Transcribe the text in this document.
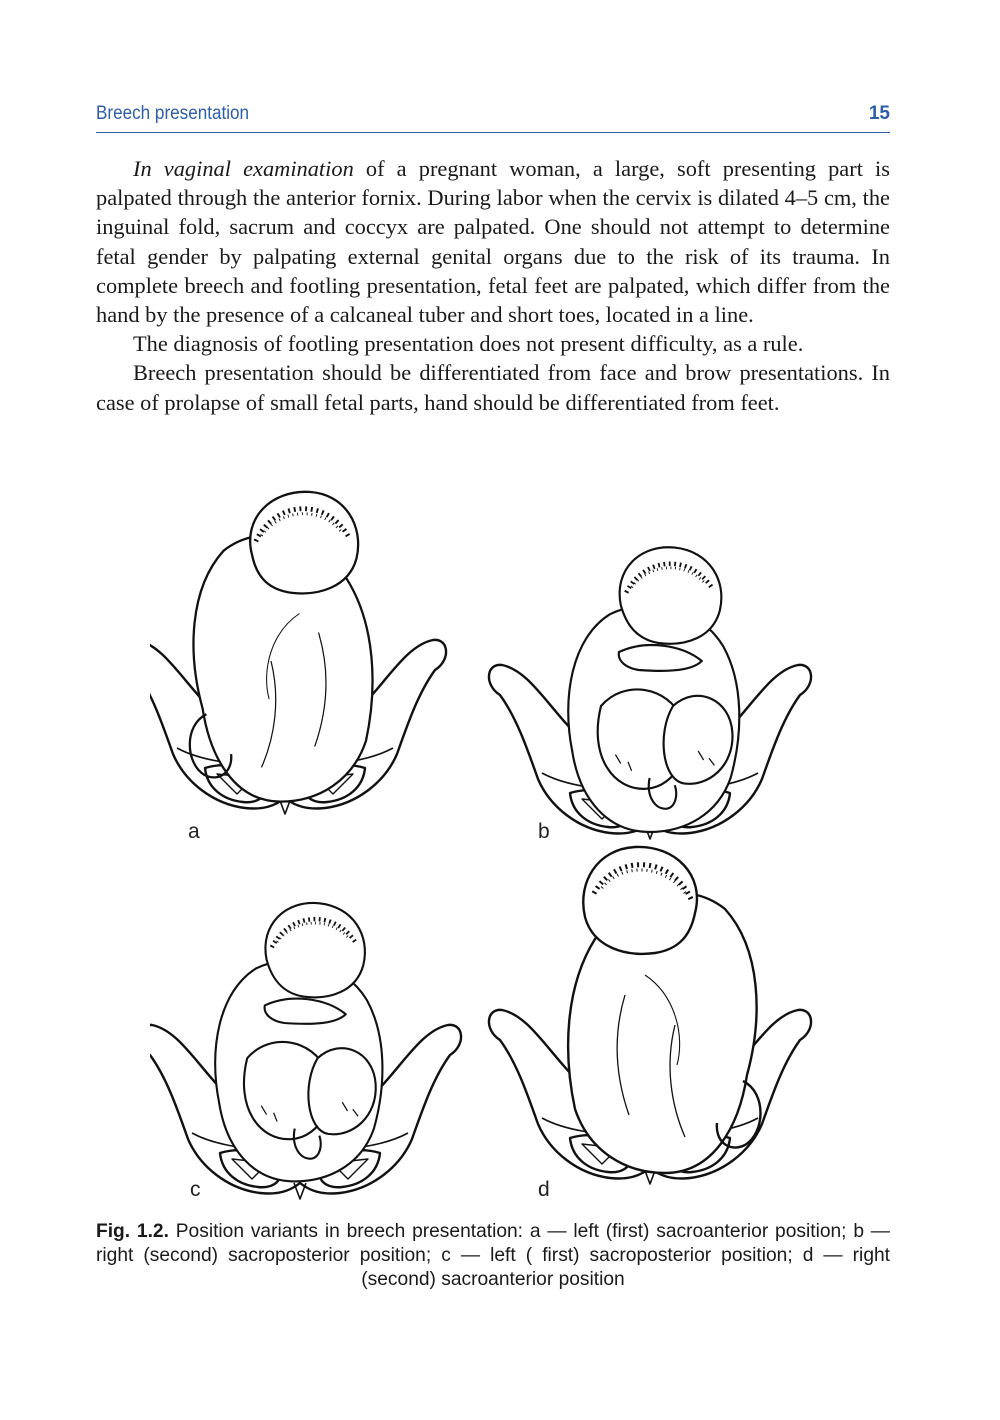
Breech presentation	15

In vaginal examination of a pregnant woman, a large, soft presenting part is palpated through the anterior fornix. During labor when the cervix is dilated 4–5 cm, the inguinal fold, sacrum and coccyx are palpated. One should not attempt to determine fetal gender by palpating external genital organs due to the risk of its trauma. In complete breech and footling presentation, fetal feet are palpated, which differ from the hand by the presence of a calcaneal tuber and short toes, located in a line.

The diagnosis of footling presentation does not present difficulty, as a rule.

Breech presentation should be differentiated from face and brow presentations. In case of prolapse of small fetal parts, hand should be differentiated from feet.

a	b
c	d
Fig. 1.2. Position variants in breech presentation: a — left (first) sacroanterior position; b — right (second) sacroposterior position; c — left ( first) sacroposterior position; d — right (second) sacroanterior position
